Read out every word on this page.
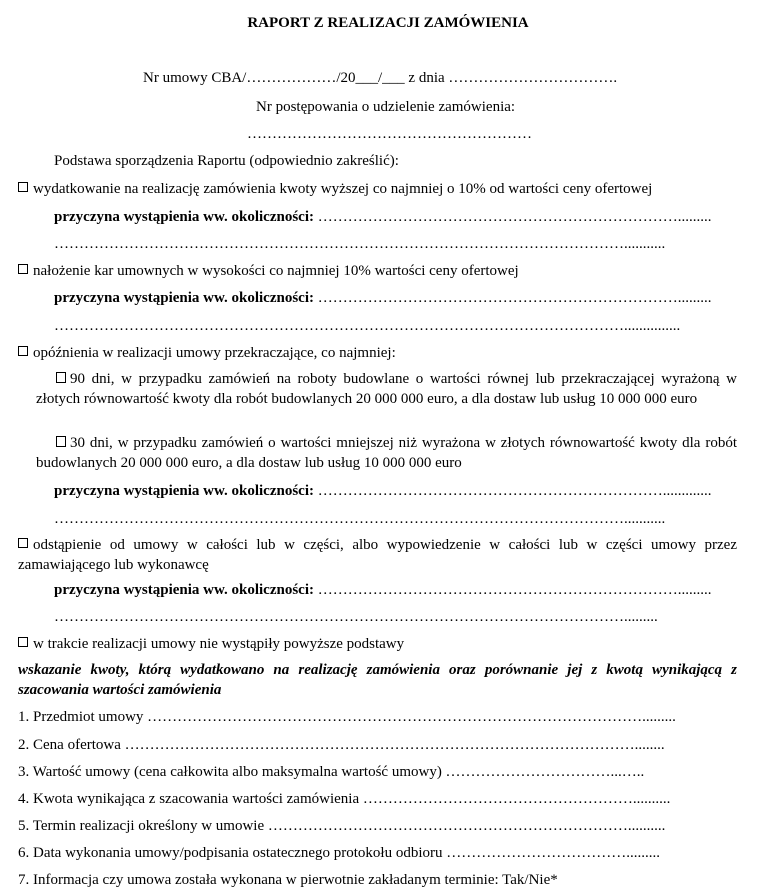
RAPORT Z REALIZACJI ZAMÓWIENIA
Nr umowy CBA/………………/20___/___ z dnia …………………………….
Nr postępowania o udzielenie zamówienia:
…………………………………………………
Podstawa sporządzenia Raportu (odpowiednio zakreślić):
wydatkowanie na realizację zamówienia kwoty wyższej co najmniej o 10% od wartości ceny ofertowej
przyczyna wystąpienia ww. okoliczności: ……………………………………………………………….........
……………………………………………………………………………………………………...........
nałożenie kar umownych w wysokości co najmniej 10% wartości ceny ofertowej
przyczyna wystąpienia ww. okoliczności: ……………………………………………………………….........
……………………………………………………………………………………………………...............
opóźnienia w realizacji umowy przekraczające, co najmniej:
90 dni, w przypadku zamówień na roboty budowlane o wartości równej lub przekraczającej wyrażoną w złotych równowartość kwoty dla robót budowlanych 20 000 000 euro, a dla dostaw lub usług 10 000 000 euro
30 dni, w przypadku zamówień o wartości mniejszej niż wyrażona w złotych równowartość kwoty dla robót budowlanych 20 000 000 euro, a dla dostaw lub usług 10 000 000 euro
przyczyna wystąpienia ww. okoliczności: …………………………………………………………….............
……………………………………………………………………………………………………...........
odstąpienie od umowy w całości lub w części, albo wypowiedzenie w całości lub w części umowy przez zamawiającego lub wykonawcę
przyczyna wystąpienia ww. okoliczności: ……………………………………………………………….........
…………………………………………………………………………………………………….........
w trakcie realizacji umowy nie wystąpiły powyższe podstawy
wskazanie kwoty, którą wydatkowano na realizację zamówienia oraz porównanie jej z kwotą wynikającą z szacowania wartości zamówienia
1. Przedmiot umowy ……………………………………………………………………………………….........
2. Cena ofertowa …………………………………………………………………………………………........
3. Wartość umowy (cena całkowita albo maksymalna wartość umowy) ……………………………...…..
4. Kwota wynikająca z szacowania wartości zamówienia ………………………………………………..........
5. Termin realizacji określony w umowie ………………………………………………………………..........
6. Data wykonania umowy/podpisania ostatecznego protokołu odbioru ……………………………….........
7. Informacja czy umowa została wykonana w pierwotnie zakładanym terminie: Tak/Nie*
